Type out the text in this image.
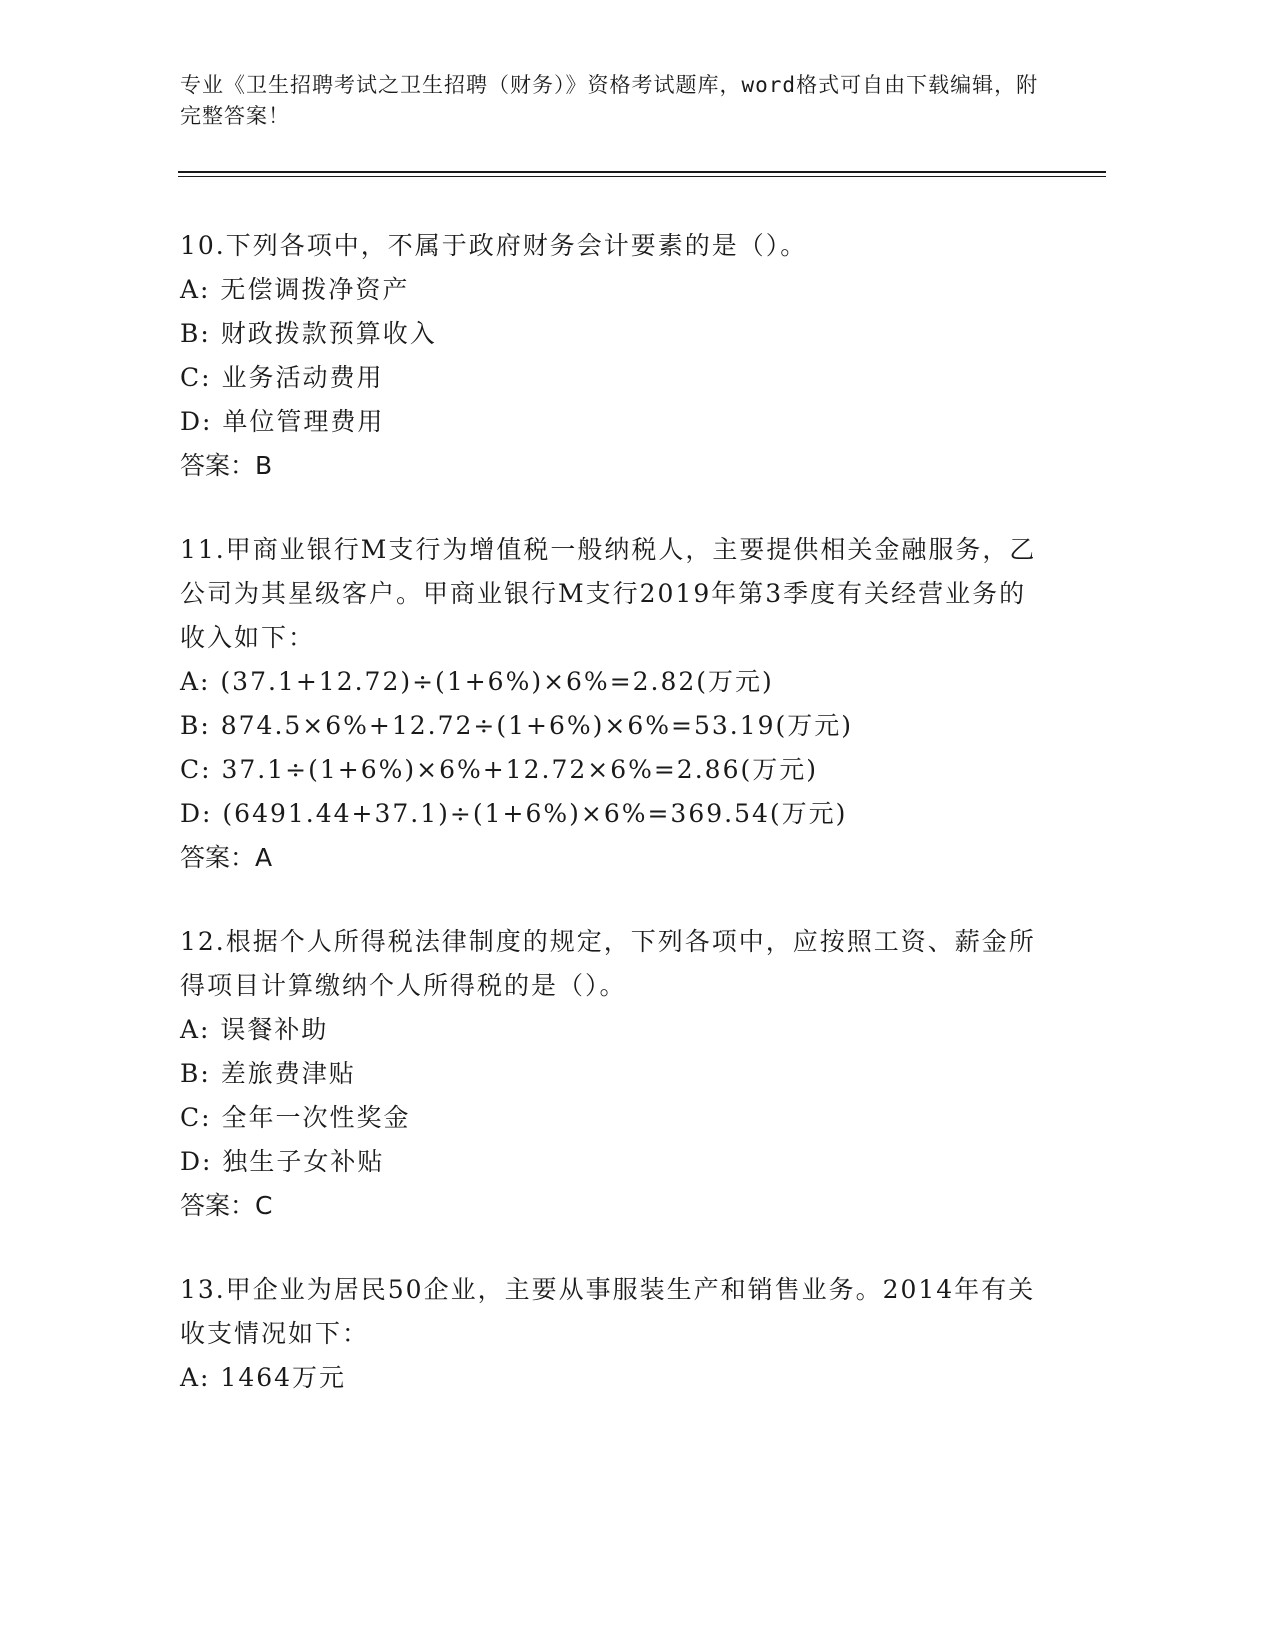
专业《卫生招聘考试之卫生招聘（财务）》资格考试题库，word格式可自由下载编辑，附完整答案！

10.下列各项中，不属于政府财务会计要素的是（）。

A: 无偿调拨净资产

B: 财政拨款预算收入

C: 业务活动费用

D: 单位管理费用

答案：B

11.甲商业银行M支行为增值税一般纳税人，主要提供相关金融服务，乙公司为其星级客户。甲商业银行M支行2019年第3季度有关经营业务的收入如下：

A: (37.1+12.72)÷(1+6%)×6%=2.82(万元)

B: 874.5×6%+12.72÷(1+6%)×6%=53.19(万元)

C: 37.1÷(1+6%)×6%+12.72×6%=2.86(万元)

D: (6491.44+37.1)÷(1+6%)×6%=369.54(万元)

答案：A

12.根据个人所得税法律制度的规定，下列各项中，应按照工资、薪金所得项目计算缴纳个人所得税的是（）。

A: 误餐补助

B: 差旅费津贴

C: 全年一次性奖金

D: 独生子女补贴

答案：C

13.甲企业为居民50企业，主要从事服装生产和销售业务。2014年有关收支情况如下：

A: 1464万元
